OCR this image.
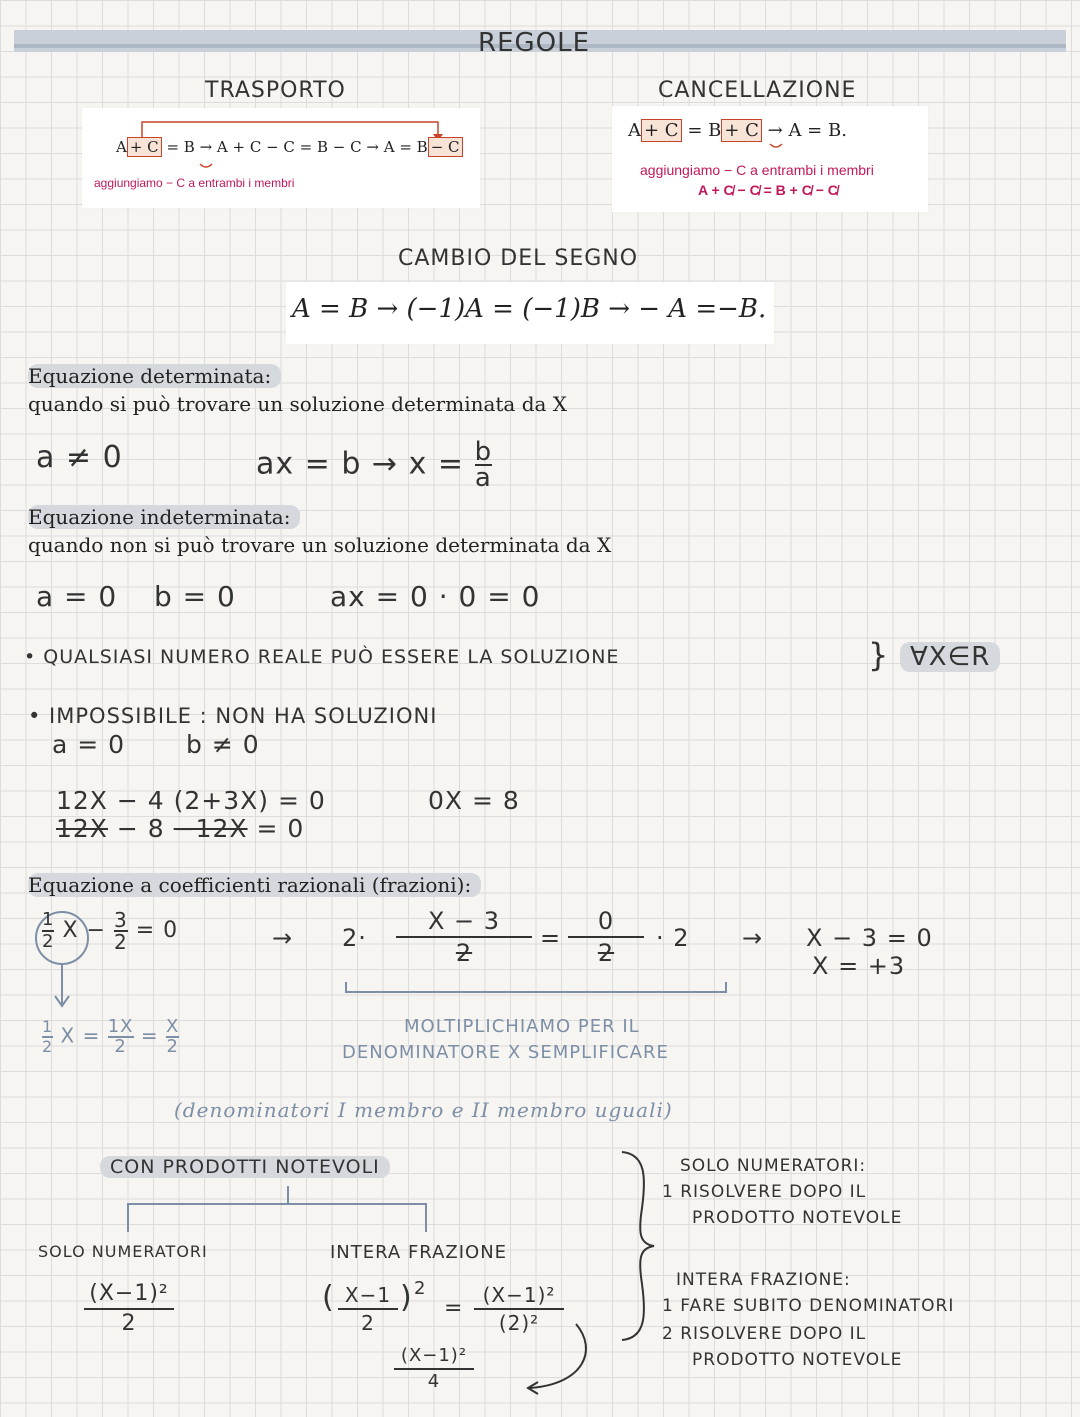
REGOLE
TRASPORTO
A + C = B → A + C − C = B − C → A = B − C
aggiungiamo − C a entrambi i membri
CANCELLAZIONE
A + C = B + C → A = B.
aggiungiamo − C a entrambi i membri
A + C̸ − C̸ = B + C̸ − C̸
CAMBIO DEL SEGNO
A = B → (−1)A = (−1)B → − A =−B.
Equazione determinata:
quando si può trovare un soluzione determinata da X
a ≠ 0	ax = $b \to x = \frac{b}{a}$
Equazione indeterminata:
quando non si può trovare un soluzione determinata da X
a = 0 b = 0	ax = 0 · 0 = 0
• QUALSIASI NUMERO REALE PUÒ ESSERE LA SOLUZIONE	} ∀X∈R
• IMPOSSIBILE : NON HA SOLUZIONI
a = 0 b ≠ 0
12X − 4 (2+3X) = 0
12X − 8 −12X = 0
0X = 8
Equazione a coefficienti razionali (frazioni):
$\frac{1}{2}$ $X - \frac{3}{2} = 0$	→ 2·
X − 3
2
=
0
2
· 2 → X − 3 = 0
X = +3
$\frac{1}{2}$ $X = \frac{1X}{2} = \frac{X}{2}$	MOLTIPLICHIAMO PER IL
DENOMINATORE X SEMPLIFICARE
(denominatori I membro e II membro uguali)
CON PRODOTTI NOTEVOLI
SOLO NUMERATORI
(X−1)²
2
INTERA FRAZIONE
( X−1
2
) 2
=
(X−1)²
(2)²
(X−1)²
4
SOLO NUMERATORI:
1 RISOLVERE DOPO IL
PRODOTTO NOTEVOLE
INTERA FRAZIONE:
1 FARE SUBITO DENOMINATORI
2 RISOLVERE DOPO IL
PRODOTTO NOTEVOLE
